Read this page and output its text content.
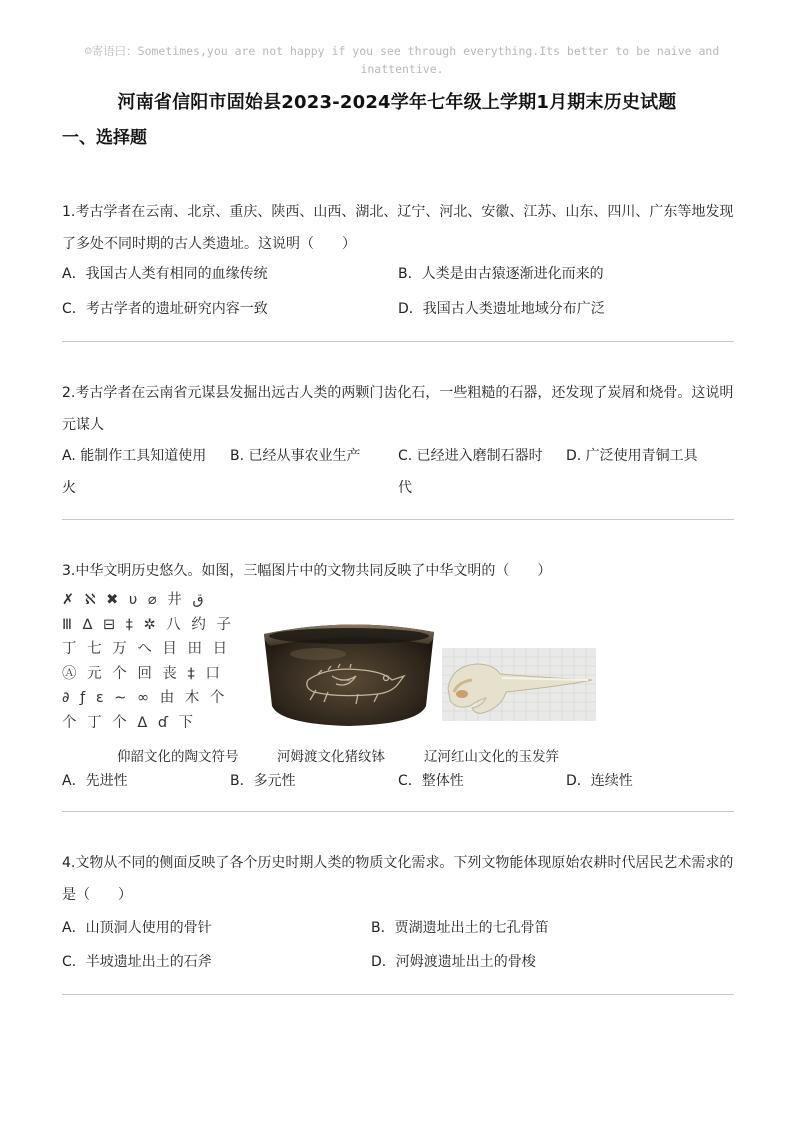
☺寄语曰：Sometimes,you are not happy if you see through everything.Its better to be naive and
inattentive.
河南省信阳市固始县2023-2024学年七年级上学期1月期末历史试题
一、选择题
1.考古学者在云南、北京、重庆、陕西、山西、湖北、辽宁、河北、安徽、江苏、山东、四川、广东等地发现了多处不同时期的古人类遗址。这说明（　　）
A．我国古人类有相同的血缘传统	B．人类是由古猿逐渐进化而来的
C．考古学者的遗址研究内容一致	D．我国古人类遗址地域分布广泛
2.考古学者在云南省元谋县发掘出远古人类的两颗门齿化石，一些粗糙的石器，还发现了炭屑和烧骨。这说明元谋人
A. 能制作工具知道使用火
B. 已经从事农业生产	C. 已经进入磨制石器时代
D. 广泛使用青铜工具
3.中华文明历史悠久。如图，三幅图片中的文物共同反映了中华文明的（　　）
✗ ℵ ✖ υ ⌀ 井 ق
Ⅲ ∆ ⊟ ‡ ✲ 八 约 子
丁 七 万 へ 目 田 日
Ⓐ 元 个 回 丧 ‡ 口
∂ ƒ ε ∼ ∞ 由 木 个
个 丁 个 Δ ɗ 下
仰韶文化的陶文符号	河姆渡文化猪纹钵	辽河红山文化的玉发笄
A．先进性	B．多元性	C．整体性	D．连续性
4.文物从不同的侧面反映了各个历史时期人类的物质文化需求。下列文物能体现原始农耕时代居民艺术需求的是（　　）
A．山顶洞人使用的骨针	B．贾湖遗址出土的七孔骨笛
C．半坡遗址出土的石斧	D．河姆渡遗址出土的骨梭
